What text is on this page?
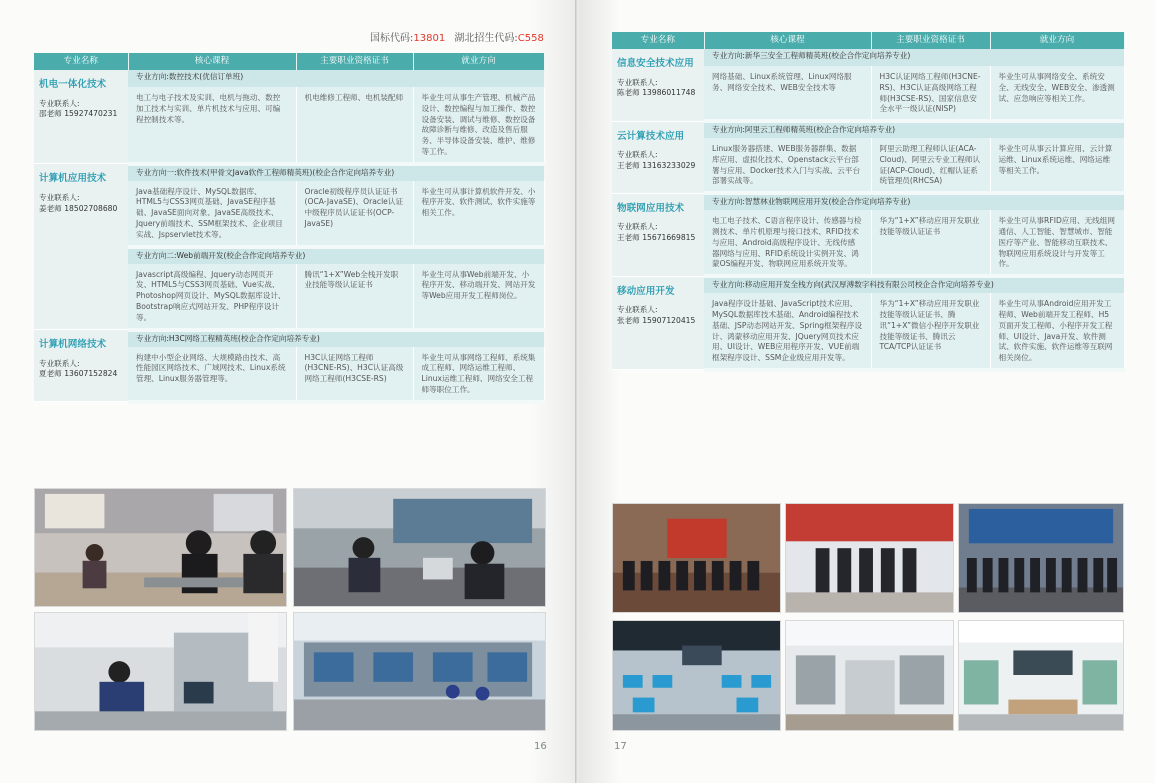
国标代码:13801 湖北招生代码:C558
专业名称	核心课程	主要职业资格证书	就业方向

机电一体化技术
专业联系人:
邵老师 15927470231	专业方向:数控技术(优信订单班)		
	电工与电子技术及实训、电机与拖动、数控加工技术与实训、单片机技术与应用、可编程控制技术等。	机电维修工程师、电机装配师	毕业生可从事生产管理、机械产品设计、数控编程与加工操作、数控设备安装、调试与维修、数控设备故障诊断与维修、改造及售后服务、半导体设备安装、维护、维修等工作。

计算机应用技术
专业联系人:
姜老师 18502708680	专业方向一:软件技术(甲骨文Java软件工程师精英班)(校企合作定向培养专业)		
	Java基础程序设计、MySQL数据库、HTML5与CSS3网页基础、JavaSE程序基础、JavaSE面向对象、JavaSE高级技术、Jquery前端技术、SSM框架技术、企业项目实战、Jspservlet技术等。	Oracle初级程序员认证证书(OCA-JavaSE)、Oracle认证中级程序员认证证书(OCP-JavaSE)	毕业生可从事计算机软件开发、小程序开发、软件测试、软件实施等相关工作。
	专业方向二:Web前端开发(校企合作定向培养专业)		
	Javascript高级编程、Jquery动态网页开发、HTML5与CSS3网页基础、Vue实战、Photoshop网页设计、MySQL数据库设计、Bootstrap响应式网站开发、PHP程序设计等。	腾讯“1+X”Web全栈开发职业技能等级认证证书	毕业生可从事Web前端开发、小程序开发、移动端开发、网站开发等Web应用开发工程师岗位。

计算机网络技术
专业联系人:
夏老师 13607152824	专业方向:H3C网络工程精英班(校企合作定向培养专业)		
	构建中小型企业网络、大规模路由技术、高性能园区网络技术、广域网技术、Linux系统管理、Linux服务器管理等。	H3C认证网络工程师(H3CNE-RS)、H3C认证高级网络工程师(H3CSE-RS)	毕业生可从事网络工程师、系统集成工程师、网络运维工程师、Linux运维工程师、网络安全工程师等职位工作。
16
专业名称	核心课程	主要职业资格证书	就业方向

信息安全技术应用
专业联系人:
陈老师 13986011748	专业方向:新华三安全工程师精英班(校企合作定向培养专业)		
	网络基础、Linux系统管理、Linux网络服务、网络安全技术、WEB安全技术等	H3C认证网络工程师(H3CNE-RS)、H3C认证高级网络工程师(H3CSE-RS)、国家信息安全水平一级认证(NISP)	毕业生可从事网络安全、系统安全、无线安全、WEB安全、渗透测试、应急响应等相关工作。

云计算技术应用
专业联系人:
王老师 13163233029	专业方向:阿里云工程师精英班(校企合作定向培养专业)		
	Linux服务器搭建、WEB服务器群集、数据库应用、虚拟化技术、Openstack云平台部署与应用、Docker技术入门与实战、云平台部署实战等。	阿里云助理工程师认证(ACA-Cloud)、阿里云专业工程师认证(ACP-Cloud)、红帽认证系统管理员(RHCSA)	毕业生可从事云计算应用、云计算运维、Linux系统运维、网络运维等相关工作。

物联网应用技术
专业联系人:
王老师 15671669815	专业方向:智慧林业物联网应用开发(校企合作定向培养专业)		
	电工电子技术、C语言程序设计、传感器与检测技术、单片机原理与接口技术、RFID技术与应用、Android高级程序设计、无线传感器网络与应用、RFID系统设计实例开发、鸿蒙OS编程开发、物联网应用系统开发等。	华为“1+X”移动应用开发职业技能等级认证证书	毕业生可从事RFID应用、无线组网通信、人工智能、智慧城市、智能医疗等产业、智能移动互联技术、物联网应用系统设计与开发等工作。

移动应用开发
专业联系人:
张老师 15907120415	专业方向:移动应用开发全栈方向(武汉厚溥数字科技有限公司校企合作定向培养专业)		
	Java程序设计基础、JavaScript技术应用、MySQL数据库技术基础、Android编程技术基础、JSP动态网站开发、Spring框架程序设计、鸿蒙移动应用开发、JQuery网页技术应用、UI设计、WEB应用程序开发、VUE前端框架程序设计、SSM企业级应用开发等。	华为“1+X”移动应用开发职业技能等级认证证书、腾讯“1+X”微信小程序开发职业技能等级证书、腾讯云TCA/TCP认证证书	毕业生可从事Android应用开发工程师、Web前端开发工程师、H5页面开发工程师、小程序开发工程师、UI设计、Java开发、软件测试、软件实施、软件运维等互联网相关岗位。
17
